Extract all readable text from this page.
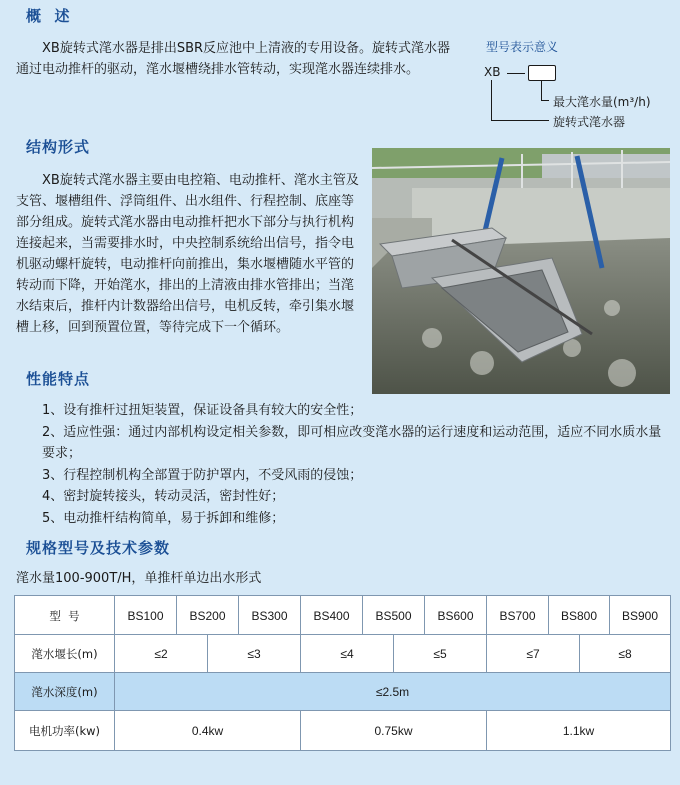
概  述

XB旋转式滗水器是排出SBR反应池中上清液的专用设备。旋转式滗水器通过电动推杆的驱动，滗水堰槽绕排水管转动，实现滗水器连续排水。

型号表示意义
XB
最大滗水量(m³/h)
旋转式滗水器
结构形式

XB旋转式滗水器主要由电控箱、电动推杆、滗水主管及支管、堰槽组件、浮筒组件、出水组件、行程控制、底座等部分组成。旋转式滗水器由电动推杆把水下部分与执行机构连接起来，当需要排水时，中央控制系统给出信号，指令电机驱动螺杆旋转，电动推杆向前推出，集水堰槽随水平管的转动而下降，开始滗水，排出的上清液由排水管排出；当滗水结束后，推杆内计数器给出信号，电机反转，牵引集水堰槽上移，回到预置位置，等待完成下一个循环。

性能特点
1、设有推杆过扭矩装置，保证设备具有较大的安全性；
2、适应性强：通过内部机构设定相关参数，即可相应改变滗水器的运行速度和运动范围，适应不同水质水量要求；
3、行程控制机构全部置于防护罩内，不受风雨的侵蚀；
4、密封旋转接头，转动灵活，密封性好；
5、电动推杆结构简单，易于拆卸和维修；
规格型号及技术参数

滗水量100-900T/H，单推杆单边出水形式

型  号	BS100	BS200	BS300	BS400	BS500	BS600	BS700	BS800	BS900
滗水堰长(m)	≤2	≤3	≤4	≤5	≤7	≤8
滗水深度(m)	≤2.5m					
电机功率(kw)	0.4kw		0.75kw		1.1kw	
